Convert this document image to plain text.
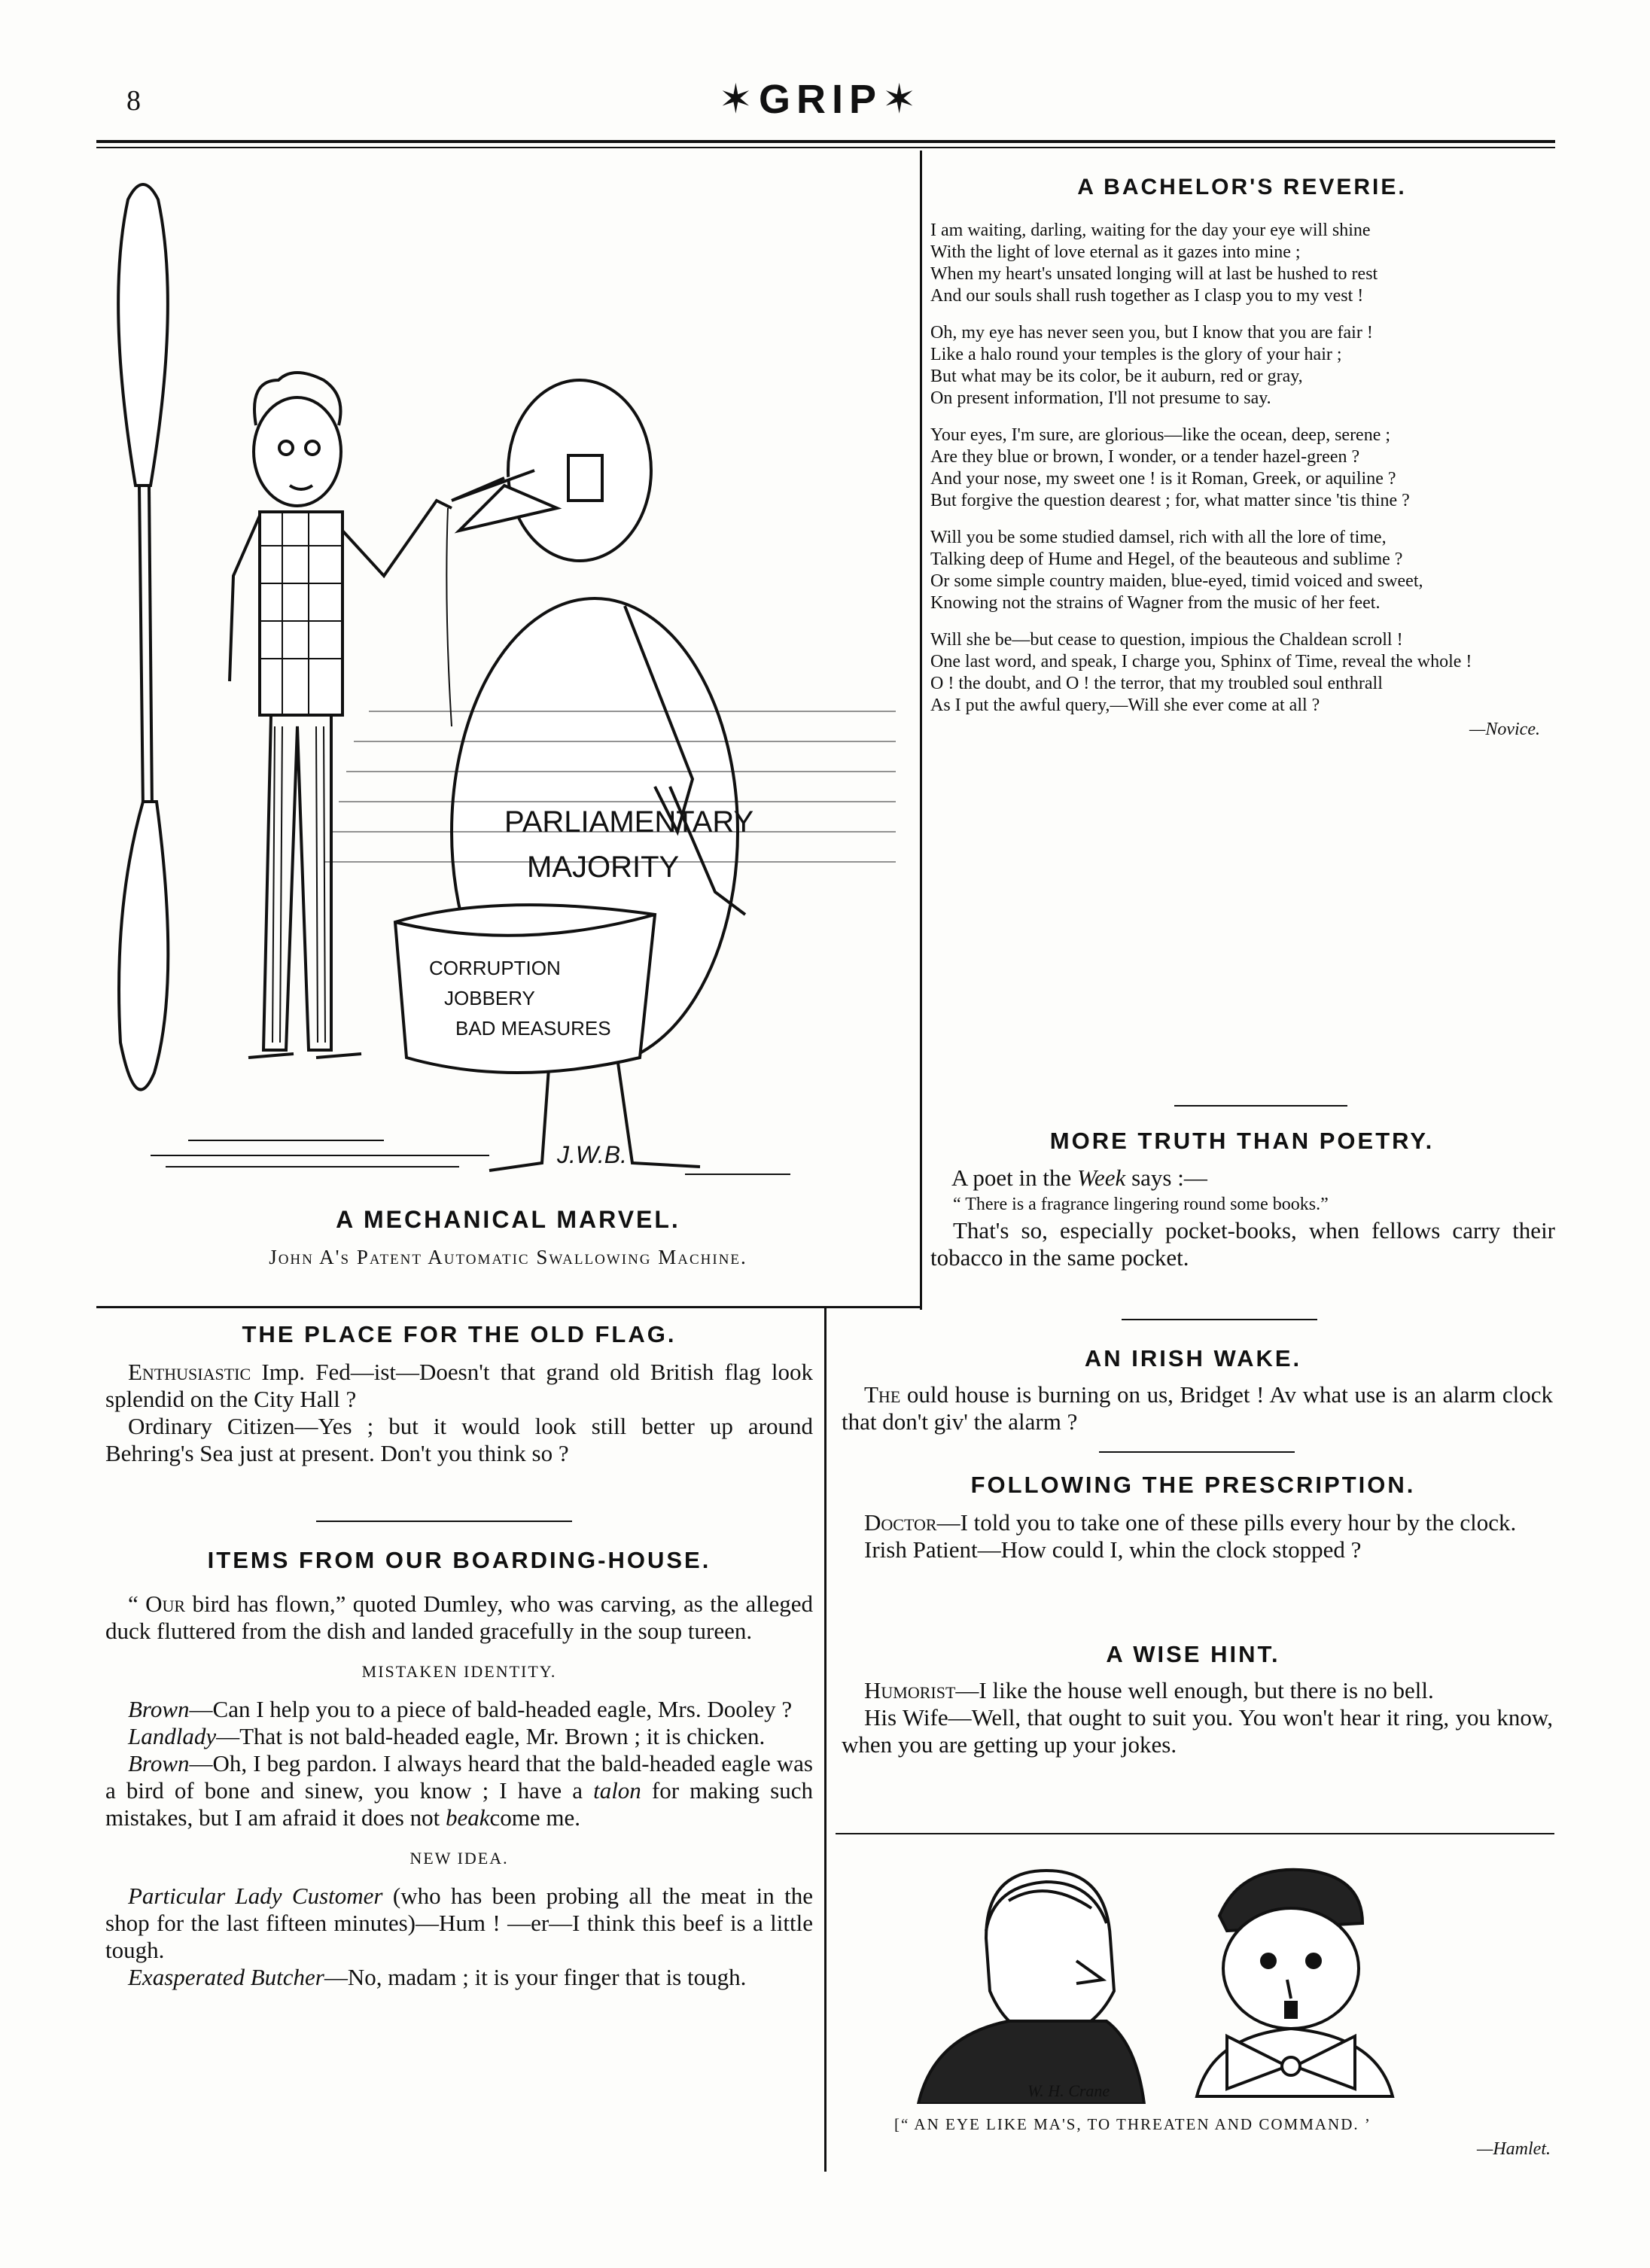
8	✶GRIP✶
PARLIAMENTARY
MAJORITY
CORRUPTION
JOBBERY
BAD MEASURES
J.W.B.
A MECHANICAL MARVEL.
John A's Patent Automatic Swallowing Machine.
A BACHELOR'S REVERIE.

I am waiting, darling, waiting for the day your eye will shine

With the light of love eternal as it gazes into mine ;

When my heart's unsated longing will at last be hushed to rest

And our souls shall rush together as I clasp you to my vest !

Oh, my eye has never seen you, but I know that you are fair !

Like a halo round your temples is the glory of your hair ;

But what may be its color, be it auburn, red or gray,

On present information, I'll not presume to say.

Your eyes, I'm sure, are glorious—like the ocean, deep, serene ;

Are they blue or brown, I wonder, or a tender hazel-green ?

And your nose, my sweet one ! is it Roman, Greek, or aquiline ?

But forgive the question dearest ; for, what matter since 'tis thine ?

Will you be some studied damsel, rich with all the lore of time,

Talking deep of Hume and Hegel, of the beauteous and sublime ?

Or some simple country maiden, blue-eyed, timid voiced and sweet,

Knowing not the strains of Wagner from the music of her feet.

Will she be—but cease to question, impious the Chaldean scroll !

One last word, and speak, I charge you, Sphinx of Time, reveal the whole !

O ! the doubt, and O ! the terror, that my troubled soul enthrall

As I put the awful query,—Will she ever come at all ?

—Novice.
MORE TRUTH THAN POETRY.

A poet in the Week says :—

“ There is a fragrance lingering round some books.”

That's so, especially pocket-books, when fellows carry their tobacco in the same pocket.

THE PLACE FOR THE OLD FLAG.

Enthusiastic Imp. Fed—ist—Doesn't that grand old British flag look splendid on the City Hall ?

Ordinary Citizen—Yes ; but it would look still better up around Behring's Sea just at present. Don't you think so ?

ITEMS FROM OUR BOARDING-HOUSE.

“ Our bird has flown,” quoted Dumley, who was carving, as the alleged duck fluttered from the dish and landed gracefully in the soup tureen.

MISTAKEN IDENTITY.

Brown—Can I help you to a piece of bald-headed eagle, Mrs. Dooley ?

Landlady—That is not bald-headed eagle, Mr. Brown ; it is chicken.

Brown—Oh, I beg pardon. I always heard that the bald-headed eagle was a bird of bone and sinew, you know ; I have a talon for making such mistakes, but I am afraid it does not beakcome me.

NEW IDEA.

Particular Lady Customer (who has been probing all the meat in the shop for the last fifteen minutes)—Hum ! —er—I think this beef is a little tough.

Exasperated Butcher—No, madam ; it is your finger that is tough.

AN IRISH WAKE.

The ould house is burning on us, Bridget ! Av what use is an alarm clock that don't giv' the alarm ?

FOLLOWING THE PRESCRIPTION.

Doctor—I told you to take one of these pills every hour by the clock.

Irish Patient—How could I, whin the clock stopped ?

A WISE HINT.

Humorist—I like the house well enough, but there is no bell.

His Wife—Well, that ought to suit you. You won't hear it ring, you know, when you are getting up your jokes.

W. H. Crane
[“ AN EYE LIKE MA'S, TO THREATEN AND COMMAND. ’
—Hamlet.
